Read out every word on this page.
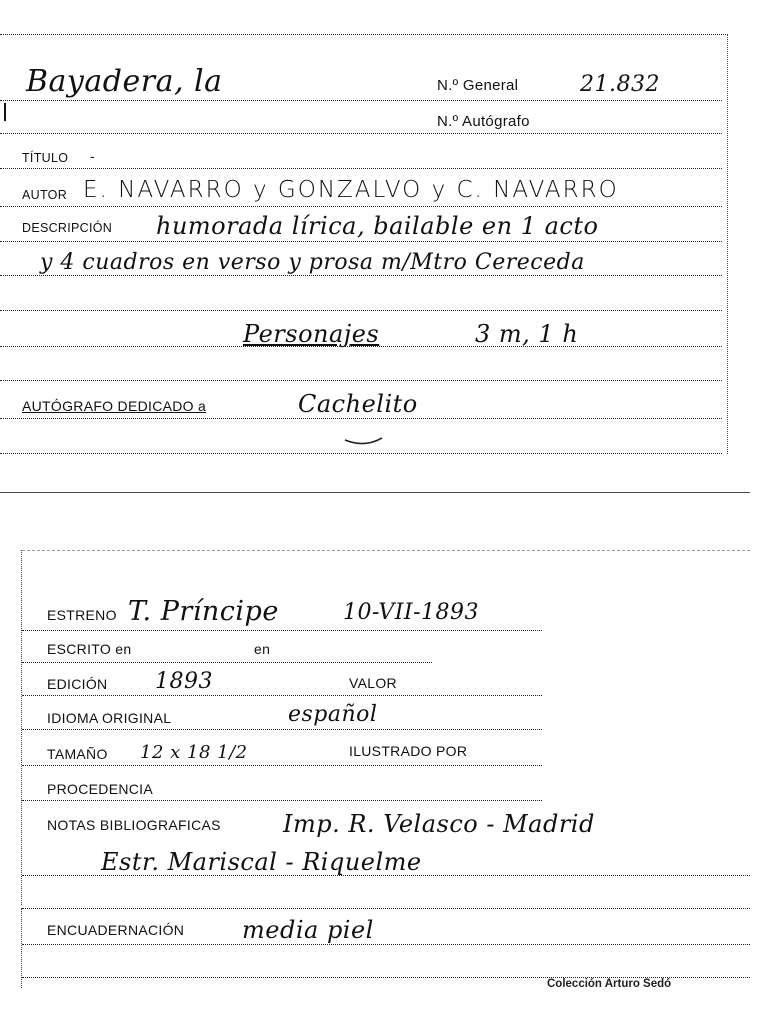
Bayadera, la	N.º General	21.832
N.º Autógrafo
TÍTULO -
AUTOR E. NAVARRO y GONZALVO y C. NAVARRO
DESCRIPCIÓN humorada lírica, bailable en 1 acto
y 4 cuadros en verso y prosa m/Mtro Cereceda
Personajes	3 m, 1 h
AUTÓGRAFO DEDICADO a	Cachelito
ESTRENO T. Príncipe	10-VII-1893
ESCRITO en	en
EDICIÓN 1893	VALOR
IDIOMA ORIGINAL	español
TAMAÑO 12 x 18 1/2	ILUSTRADO POR
PROCEDENCIA
NOTAS BIBLIOGRAFICAS	Imp. R. Velasco - Madrid
Estr. Mariscal - Riquelme
ENCUADERNACIÓN media piel
Colección Arturo Sedó
